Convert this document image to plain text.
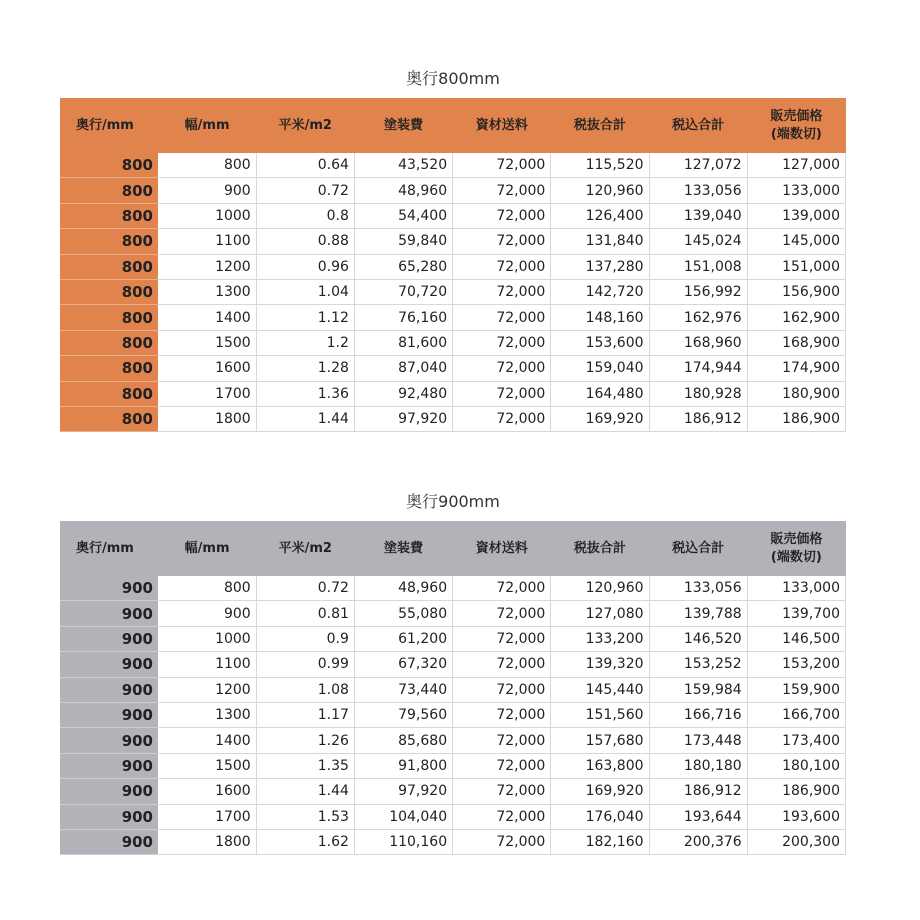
奥行800mm
奥行/mm	幅/mm	平米/m2	塗装費	資材送料	税抜合計	税込合計	販売価格
(端数切)
800	800	0.64	43,520	72,000	115,520	127,072	127,000
800	900	0.72	48,960	72,000	120,960	133,056	133,000
800	1000	0.8	54,400	72,000	126,400	139,040	139,000
800	1100	0.88	59,840	72,000	131,840	145,024	145,000
800	1200	0.96	65,280	72,000	137,280	151,008	151,000
800	1300	1.04	70,720	72,000	142,720	156,992	156,900
800	1400	1.12	76,160	72,000	148,160	162,976	162,900
800	1500	1.2	81,600	72,000	153,600	168,960	168,900
800	1600	1.28	87,040	72,000	159,040	174,944	174,900
800	1700	1.36	92,480	72,000	164,480	180,928	180,900
800	1800	1.44	97,920	72,000	169,920	186,912	186,900
奥行900mm
奥行/mm	幅/mm	平米/m2	塗装費	資材送料	税抜合計	税込合計	販売価格
(端数切)
900	800	0.72	48,960	72,000	120,960	133,056	133,000
900	900	0.81	55,080	72,000	127,080	139,788	139,700
900	1000	0.9	61,200	72,000	133,200	146,520	146,500
900	1100	0.99	67,320	72,000	139,320	153,252	153,200
900	1200	1.08	73,440	72,000	145,440	159,984	159,900
900	1300	1.17	79,560	72,000	151,560	166,716	166,700
900	1400	1.26	85,680	72,000	157,680	173,448	173,400
900	1500	1.35	91,800	72,000	163,800	180,180	180,100
900	1600	1.44	97,920	72,000	169,920	186,912	186,900
900	1700	1.53	104,040	72,000	176,040	193,644	193,600
900	1800	1.62	110,160	72,000	182,160	200,376	200,300
